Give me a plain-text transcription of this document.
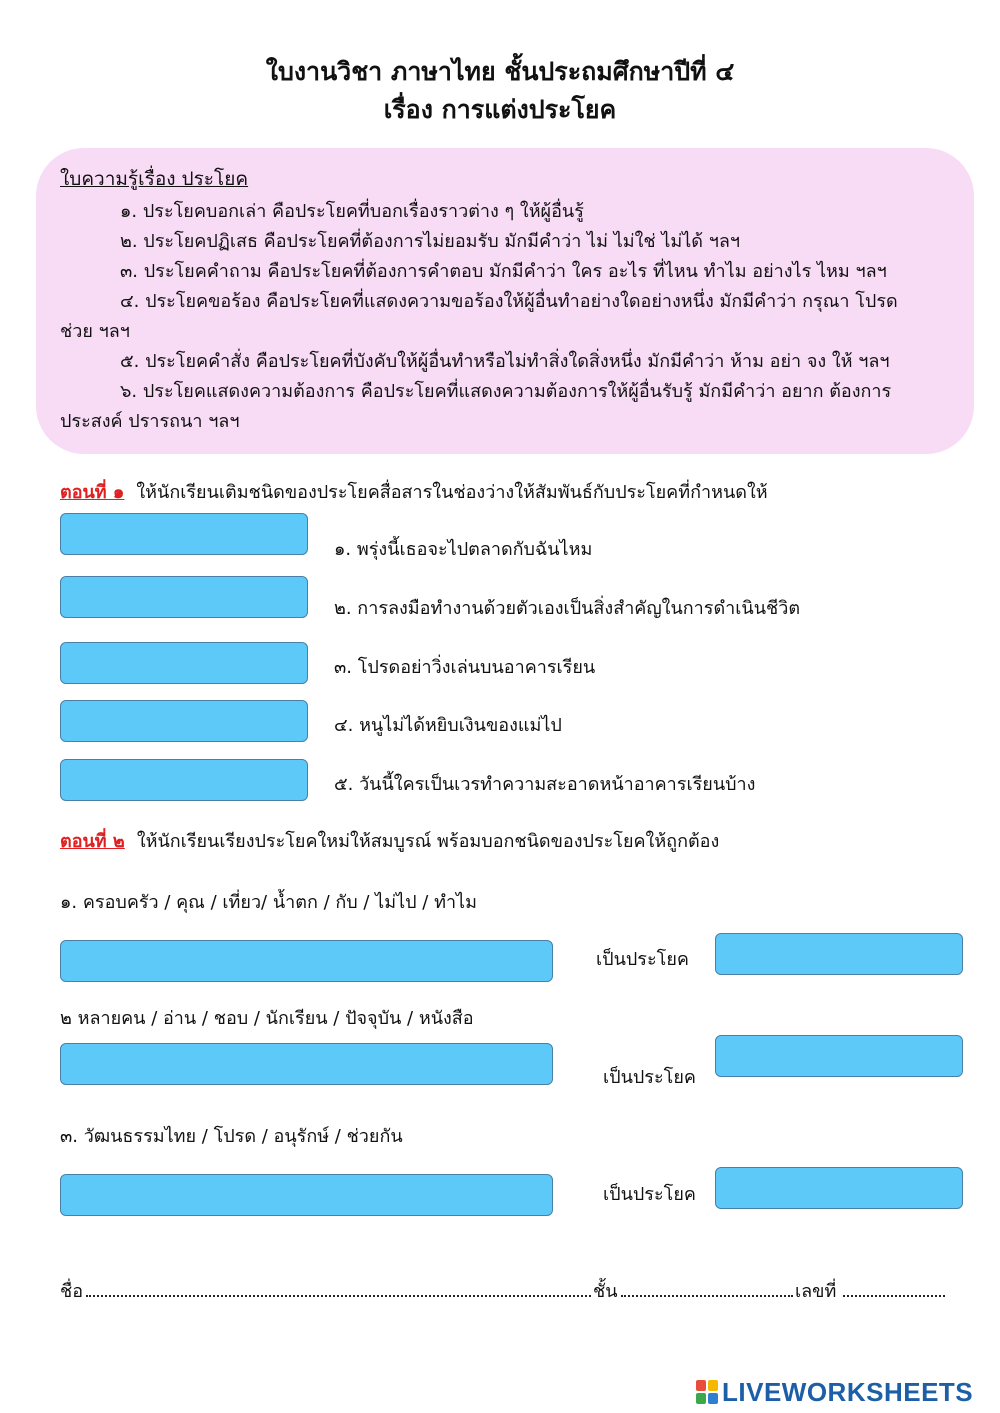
ใบงานวิชา ภาษาไทย ชั้นประถมศึกษาปีที่ ๔
เรื่อง การแต่งประโยค
ใบความรู้เรื่อง ประโยค
๑. ประโยคบอกเล่า คือประโยคที่บอกเรื่องราวต่าง ๆ ให้ผู้อื่นรู้
๒. ประโยคปฏิเสธ คือประโยคที่ต้องการไม่ยอมรับ มักมีคำว่า ไม่ ไม่ใช่ ไม่ได้ ฯลฯ
๓. ประโยคคำถาม คือประโยคที่ต้องการคำตอบ มักมีคำว่า ใคร อะไร ที่ไหน ทำไม อย่างไร ไหม ฯลฯ
๔. ประโยคขอร้อง คือประโยคที่แสดงความขอร้องให้ผู้อื่นทำอย่างใดอย่างหนึ่ง มักมีคำว่า กรุณา โปรด
ช่วย ฯลฯ
๕. ประโยคคำสั่ง คือประโยคที่บังคับให้ผู้อื่นทำหรือไม่ทำสิ่งใดสิ่งหนึ่ง มักมีคำว่า ห้าม อย่า จง ให้ ฯลฯ
๖. ประโยคแสดงความต้องการ คือประโยคที่แสดงความต้องการให้ผู้อื่นรับรู้ มักมีคำว่า อยาก ต้องการ
ประสงค์ ปรารถนา ฯลฯ
ตอนที่ ๑ ให้นักเรียนเติมชนิดของประโยคสื่อสารในช่องว่างให้สัมพันธ์กับประโยคที่กำหนดให้
๑. พรุ่งนี้เธอจะไปตลาดกับฉันไหม
๒. การลงมือทำงานด้วยตัวเองเป็นสิ่งสำคัญในการดำเนินชีวิต
๓. โปรดอย่าวิ่งเล่นบนอาคารเรียน
๔. หนูไม่ได้หยิบเงินของแม่ไป
๕. วันนี้ใครเป็นเวรทำความสะอาดหน้าอาคารเรียนบ้าง
ตอนที่ ๒ ให้นักเรียนเรียงประโยคใหม่ให้สมบูรณ์ พร้อมบอกชนิดของประโยคให้ถูกต้อง
๑. ครอบครัว / คุณ / เที่ยว/ น้ำตก / กับ / ไม่ไป / ทำไม
เป็นประโยค
๒ หลายคน / อ่าน / ชอบ / นักเรียน / ปัจจุบัน / หนังสือ
เป็นประโยค
๓. วัฒนธรรมไทย / โปรด / อนุรักษ์ / ช่วยกัน
เป็นประโยค
ชื่อ	ชั้น	เลขที่
LIVEWORKSHEETS
